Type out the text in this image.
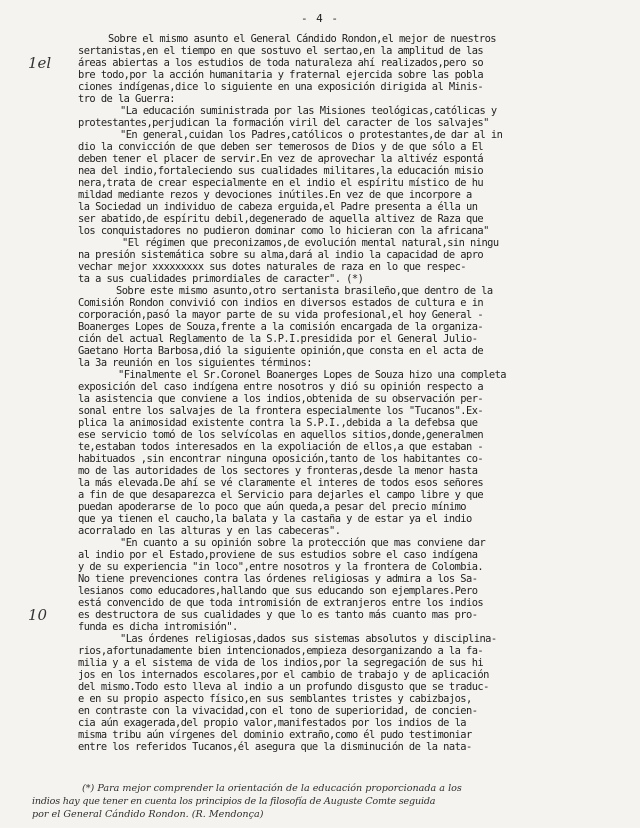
- 4 -
1el
10
Sobre el mismo asunto el General Cándido Rondon,el mejor de nuestros
sertanistas,en el tiempo en que sostuvo el sertao,en la amplitud de las
áreas abiertas a los estudios de toda naturaleza ahí realizados,pero so
bre todo,por la acción humanitaria y fraternal ejercida sobre las pobla
ciones indígenas,dice lo siguiente en una exposición dirigida al Minis-
tro de la Guerra:
"La educación suministrada por las Misiones teológicas,católicas y
protestantes,perjudican la formación viril del caracter de los salvajes"
"En general,cuidan los Padres,católicos o protestantes,de dar al in
dio la convicción de que deben ser temerosos de Dios y de que sólo a El
deben tener el placer de servir.En vez de aprovechar la altivéz espontá
nea del indio,fortaleciendo sus cualidades militares,la educación misio
nera,trata de crear especialmente en el indio el espíritu místico de hu
mildad mediante rezos y devociones inútiles.En vez de que incorpore a
la Sociedad un individuo de cabeza erguida,el Padre presenta a élla un
ser abatido,de espíritu debil,degenerado de aquella altivez de Raza que
los conquistadores no pudieron dominar como lo hicieran con la africana"
"El régimen que preconizamos,de evolución mental natural,sin ningu
na presión sistemática sobre su alma,dará al indio la capacidad de apro
vechar mejor xxxxxxxxx sus dotes naturales de raza en lo que respec-
ta a sus cualidades primordiales de caracter". (*)
Sobre este mismo asunto,otro sertanista brasileño,que dentro de la
Comisión Rondon convivió con indios en diversos estados de cultura e in
corporación,pasó la mayor parte de su vida profesional,el hoy General -
Boanerges Lopes de Souza,frente a la comisión encargada de la organiza-
ción del actual Reglamento de la S.P.I.presidida por el General Julio-
Gaetano Horta Barbosa,dió la siguiente opinión,que consta en el acta de
la 3a reunión en los siguientes términos:
"Finalmente el Sr.Coronel Boanerges Lopes de Souza hizo una completa
exposición del caso indígena entre nosotros y dió su opinión respecto a
la asistencia que conviene a los indios,obtenida de su observación per-
sonal entre los salvajes de la frontera especialmente los "Tucanos".Ex-
plica la animosidad existente contra la S.P.I.,debida a la defebsa que
ese servicio tomó de los selvícolas en aquellos sitios,donde,generalmen
te,estaban todos interesados en la expoliación de ellos,a que estaban -
habituados ,sin encontrar ninguna oposición,tanto de los habitantes co-
mo de las autoridades de los sectores y fronteras,desde la menor hasta
la más elevada.De ahí se vé claramente el interes de todos esos señores
a fin de que desaparezca el Servicio para dejarles el campo libre y que
puedan apoderarse de lo poco que aún queda,a pesar del precio mínimo
que ya tienen el caucho,la balata y la castaña y de estar ya el indio
acorralado en las alturas y en las cabeceras".
"En cuanto a su opinión sobre la protección que mas conviene dar
al indio por el Estado,proviene de sus estudios sobre el caso indígena
y de su experiencia "in loco",entre nosotros y la frontera de Colombia.
No tiene prevenciones contra las órdenes religiosas y admira a los Sa-
lesianos como educadores,hallando que sus educando son ejemplares.Pero
está convencido de que toda intromisión de extranjeros entre los indios
es destructora de sus cualidades y que lo es tanto más cuanto mas pro-
funda es dicha intromisión".
"Las órdenes religiosas,dados sus sistemas absolutos y disciplina-
rios,afortunadamente bien intencionados,empieza desorganizando a la fa-
milia y a el sistema de vida de los indios,por la segregación de sus hi
jos en los internados escolares,por el cambio de trabajo y de aplicación
del mismo.Todo esto lleva al indio a un profundo disgusto que se traduc-
e en su propio aspecto físico,en sus semblantes tristes y cabizbajos,
en contraste con la vivacidad,con el tono de superioridad, de concien-
cia aún exagerada,del propio valor,manifestados por los indios de la
misma tribu aún vírgenes del dominio extraño,como él pudo testimoniar
entre los referidos Tucanos,él asegura que la disminución de la nata-
(*) Para mejor comprender la orientación de la educación proporcionada a los
indios hay que tener en cuenta los principios de la filosofía de Auguste Comte seguida
por el General Cándido Rondon. (R. Mendonça)
